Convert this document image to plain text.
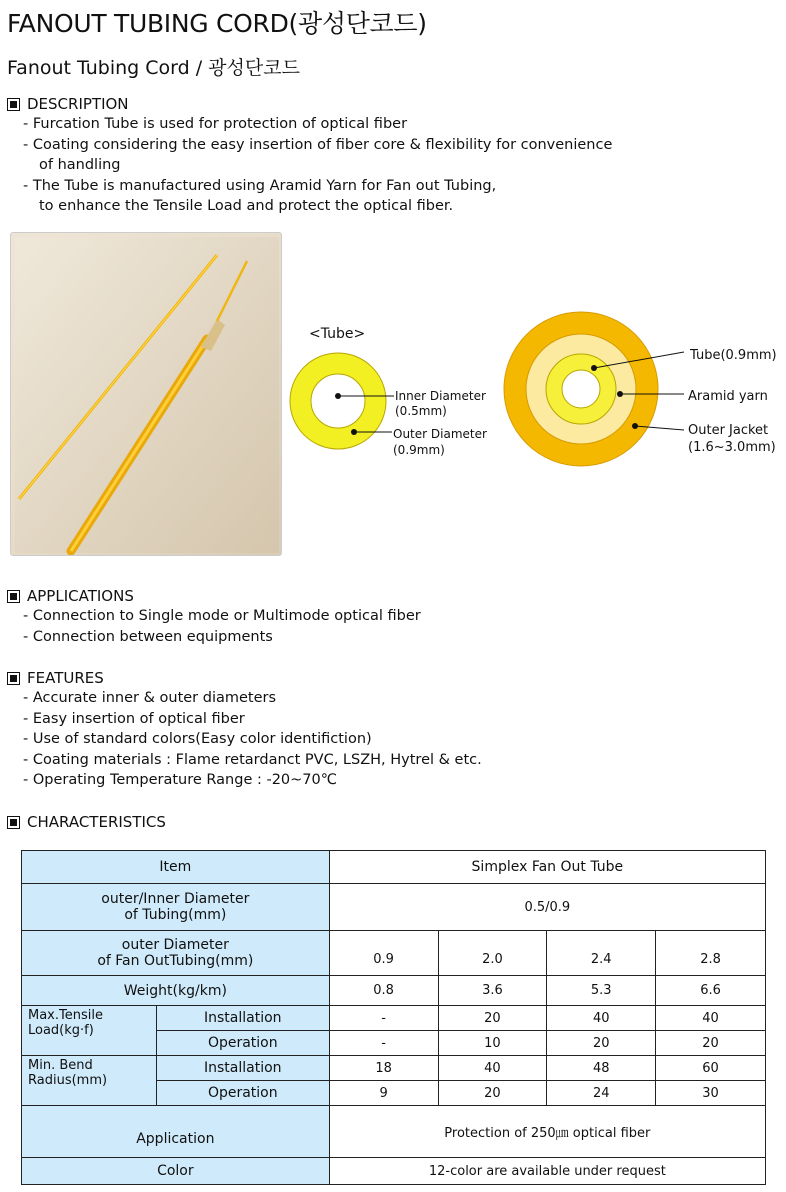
FANOUT TUBING CORD(광성단코드)
Fanout Tubing Cord / 광성단코드
DESCRIPTION
- Furcation Tube is used for protection of optical fiber
- Coating considering the easy insertion of fiber core & flexibility for convenience
of handling
- The Tube is manufactured using Aramid Yarn for Fan out Tubing,
to enhance the Tensile Load and protect the optical fiber.
<Tube>
Inner Diameter
(0.5mm)
Outer Diameter
(0.9mm)
Tube(0.9mm)
Aramid yarn
Outer Jacket
(1.6~3.0mm)
APPLICATIONS
- Connection to Single mode or Multimode optical fiber
- Connection between equipments
FEATURES
- Accurate inner & outer diameters
- Easy insertion of optical fiber
- Use of standard colors(Easy color identifiction)
- Coating materials : Flame retardanct PVC, LSZH, Hytrel & etc.
- Operating Temperature Range : -20~70℃
CHARACTERISTICS
Item		Simplex Fan Out Tube			
outer/Inner Diameter
of Tubing(mm)		0.5/0.9			
outer Diameter
of Fan OutTubing(mm)		0.9	2.0	2.4	2.8
Weight(kg/km)		0.8	3.6	5.3	6.6
Max.Tensile
Load(kg·f)	Installation	-	20	40	40
	Operation	-	10	20	20
Min. Bend
Radius(mm)	Installation	18	40	48	60
	Operation	9	20	24	30
Application		Protection of 250㎛ optical fiber			
Color		12-color are available under request			
